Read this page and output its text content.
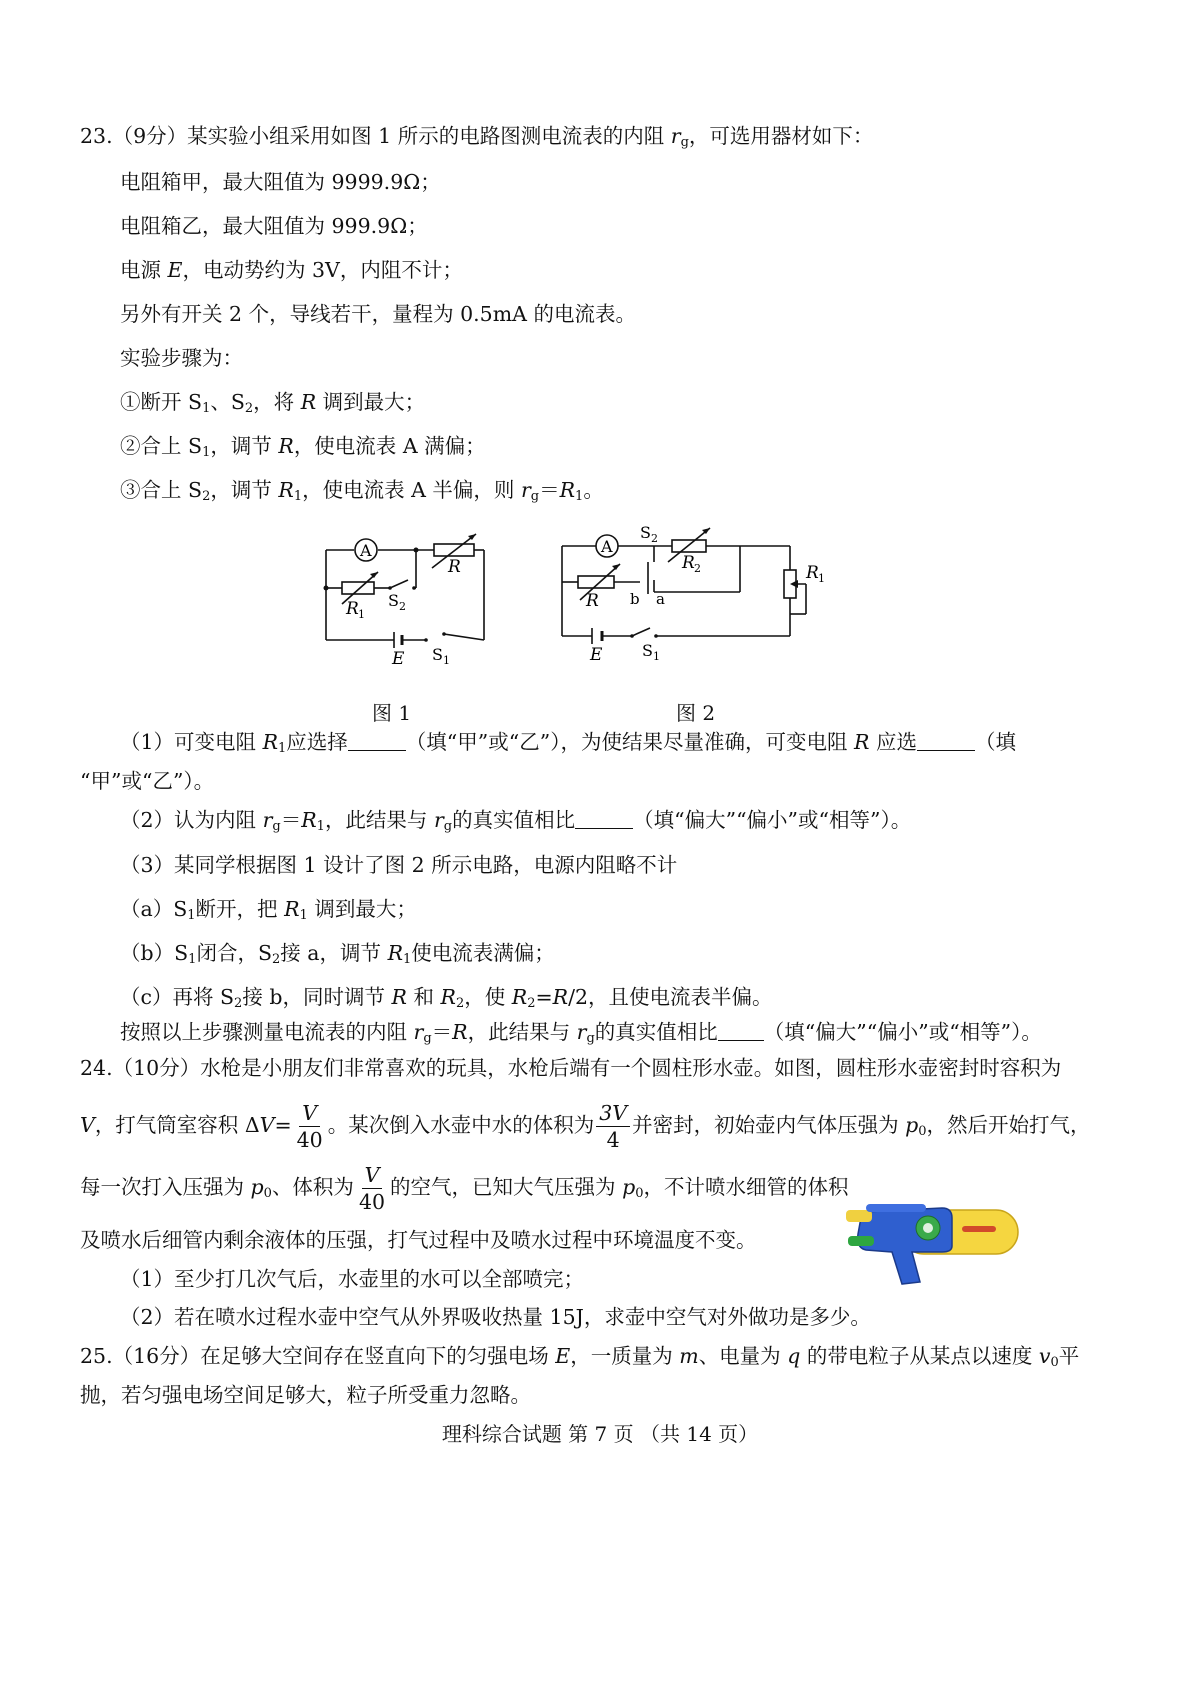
23.（9分）某实验小组采用如图 1 所示的电路图测电流表的内阻 $r_g$，可选用器材如下：
电阻箱甲，最大阻值为 9999.9Ω；
电阻箱乙，最大阻值为 999.9Ω；
电源 E，电动势约为 3V，内阻不计；
另外有开关 2 个，导线若干，量程为 0.5mA 的电流表。
实验步骤为：
①断开 $S_1$、$S_2$，将 R 调到最大；
②合上 $S_1$，调节 R，使电流表 A 满偏；
③合上 $S_2$，调节 $R_1$，使电流表 A 半偏，则 $r_g=R_1$。
A
R
R 1
S 2
E S 1
图 1
A
S 2
R 2	R 1
R b a
E S 1
图 2
（1）可变电阻 $R_1$应选择	（填“甲”或“乙”），为使结果尽量准确，可变电阻 R 应选	（填
“甲”或“乙”）。
（2）认为内阻 $r_g=R_1$，此结果与 $r_g$的真实值相比	（填“偏大”“偏小”或“相等”）。
（3）某同学根据图 1 设计了图 2 所示电路，电源内阻略不计
$(a)S_1$断开，把 $R_1$ 调到最大；
$(b)S_1$闭合，$S_2$接 a，调节 $R_1$使电流表满偏；
（c）再将 $S_2$接 b，同时调节 R 和 $R_2$，使 $R_2=R/2$，且使电流表半偏。
按照以上步骤测量电流表的内阻 $r_g=R$，此结果与 $r_g$的真实值相比 （填“偏大”“偏小”或“相等”）。
24.（10分）水枪是小朋友们非常喜欢的玩具，水枪后端有一个圆柱形水壶。如图，圆柱形水壶密封时容积为
V，打气筒室容积 $\Delta V= \frac{V}{40}$ 。某次倒入水壶中水的体积为 $\frac{3V}{4}$ 并密封，初始壶内气体压强为 $p_0$，然后开始打气，
每一次打入压强为 $p_0$、体积为 $\frac{V}{40}$ 的空气，已知大气压强为 $p_0$，不计喷水细管的体积
及喷水后细管内剩余液体的压强，打气过程中及喷水过程中环境温度不变。
（1）至少打几次气后，水壶里的水可以全部喷完；
（2）若在喷水过程水壶中空气从外界吸收热量 15J，求壶中空气对外做功是多少。
25.（16分）在足够大空间存在竖直向下的匀强电场 E，一质量为 m、电量为 q 的带电粒子从某点以速度 $v_0$平
抛，若匀强电场空间足够大，粒子所受重力忽略。
理科综合试题 第 7 页 （共 14 页）
